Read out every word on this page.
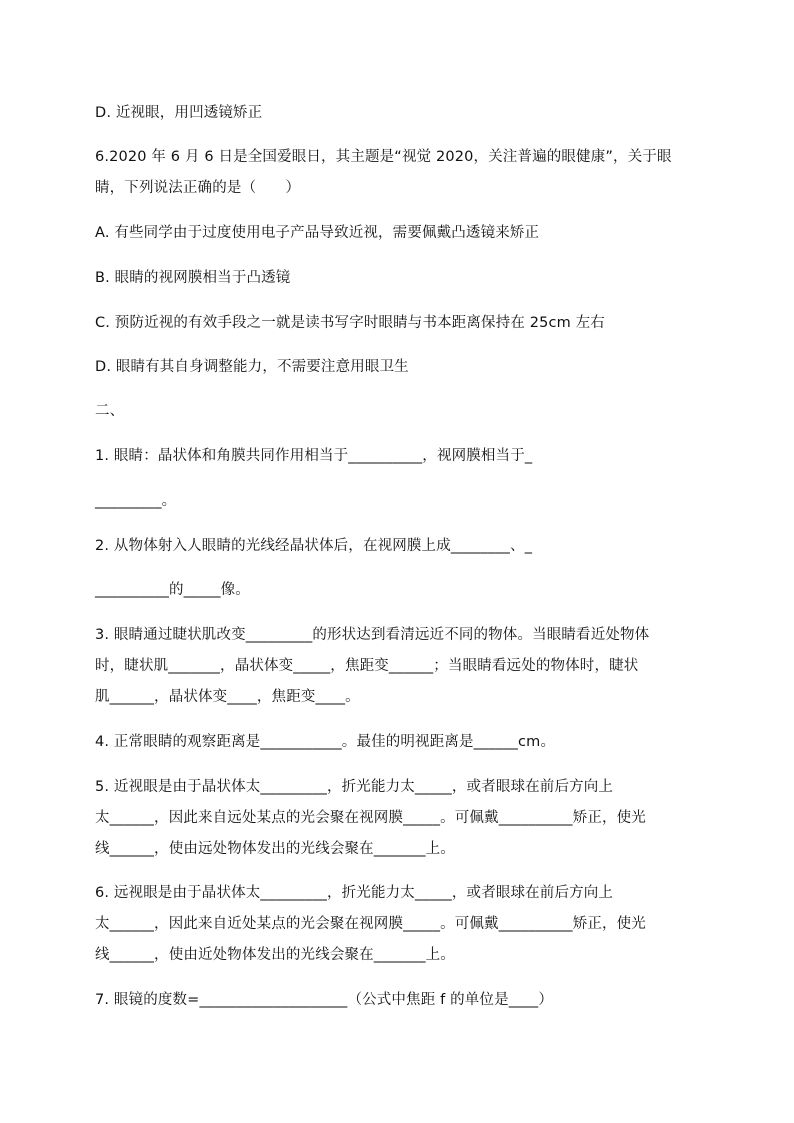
D. 近视眼，用凹透镜矫正
6.2020 年 6 月 6 日是全国爱眼日，其主题是“视觉 2020，关注普遍的眼健康”，关于眼
睛，下列说法正确的是（　　）
A. 有些同学由于过度使用电子产品导致近视，需要佩戴凸透镜来矫正
B. 眼睛的视网膜相当于凸透镜
C. 预防近视的有效手段之一就是读书写字时眼睛与书本距离保持在 25cm 左右
D. 眼睛有其自身调整能力，不需要注意用眼卫生
二、
1. 眼睛：晶状体和角膜共同作用相当于__________，视网膜相当于_
_________。
2. 从物体射入人眼睛的光线经晶状体后，在视网膜上成________、_
__________的_____像。
3. 眼睛通过睫状肌改变_________的形状达到看清远近不同的物体。当眼睛看近处物体
时，睫状肌_______，晶状体变_____，焦距变______；当眼睛看远处的物体时，睫状
肌______，晶状体变____，焦距变____。
4. 正常眼睛的观察距离是___________。最佳的明视距离是______cm。
5. 近视眼是由于晶状体太_________，折光能力太_____，或者眼球在前后方向上
太______，因此来自远处某点的光会聚在视网膜_____。可佩戴__________矫正，使光
线______，使由远处物体发出的光线会聚在_______上。
6. 远视眼是由于晶状体太_________，折光能力太_____，或者眼球在前后方向上
太______，因此来自近处某点的光会聚在视网膜_____。可佩戴__________矫正，使光
线______，使由近处物体发出的光线会聚在_______上。
7. 眼镜的度数=____________________（公式中焦距 f 的单位是____）
